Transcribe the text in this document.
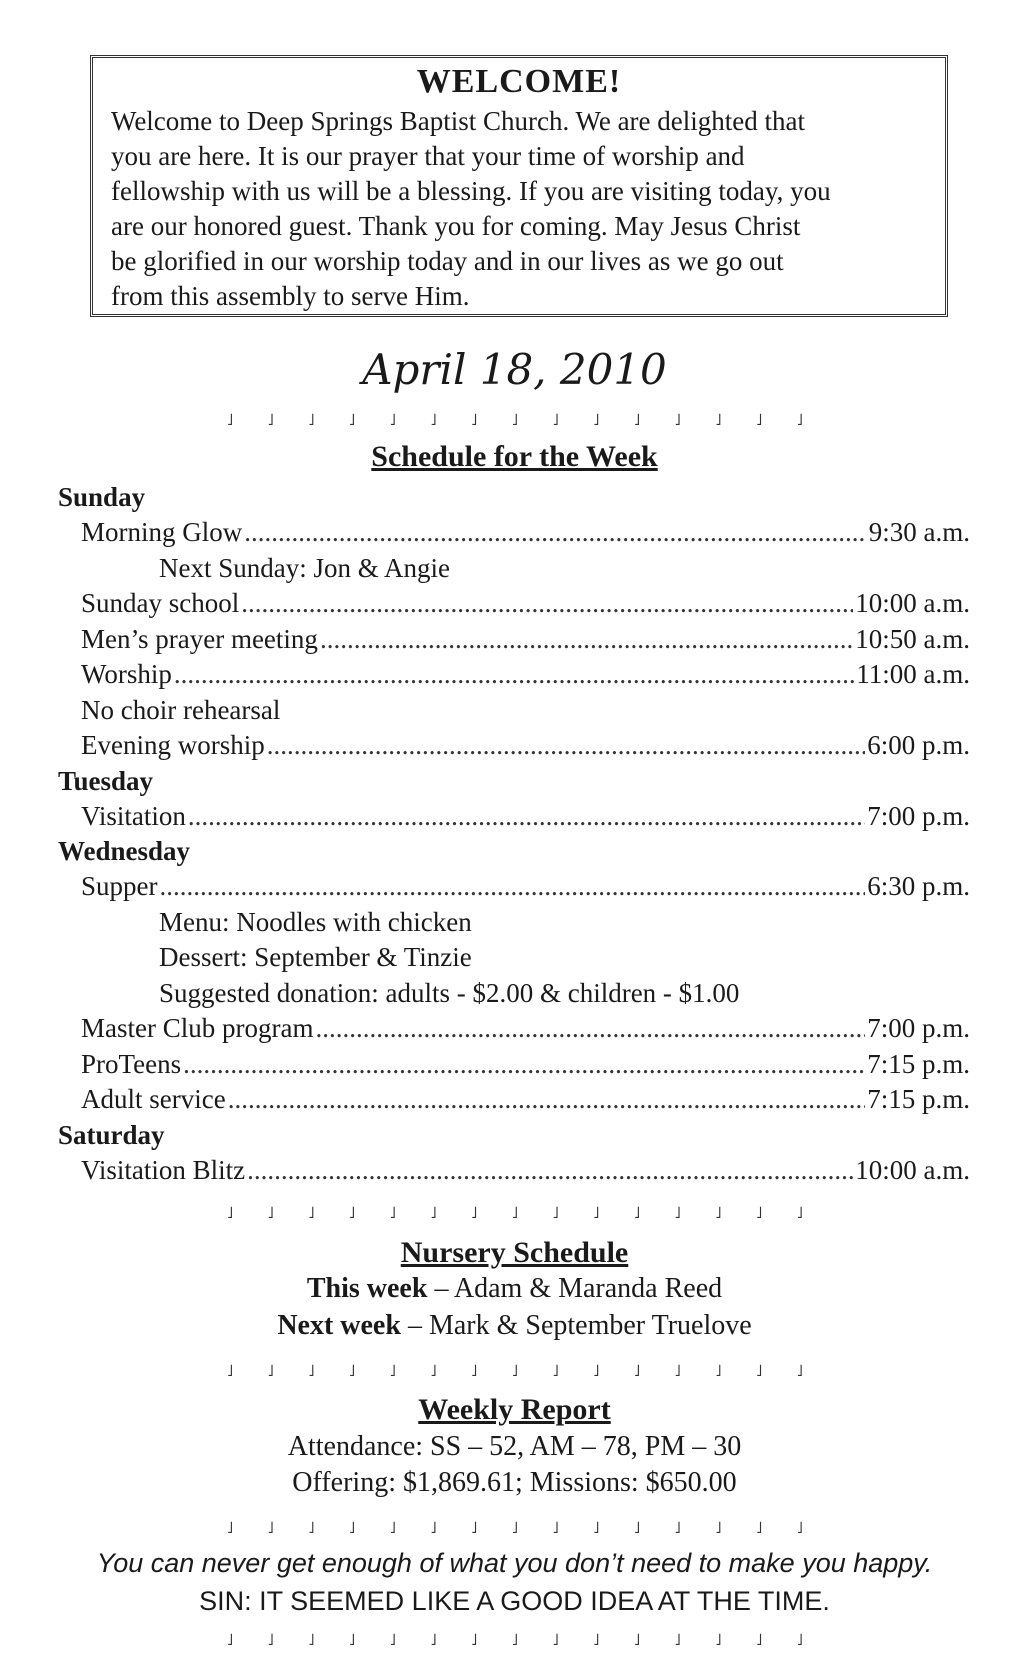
WELCOME!
Welcome to Deep Springs Baptist Church. We are delighted that
you are here. It is our prayer that your time of worship and
fellowship with us will be a blessing. If you are visiting today, you
are our honored guest. Thank you for coming. May Jesus Christ
be glorified in our worship today and in our lives as we go out
from this assembly to serve Him.
April 18, 2010
˩ ˩ ˩ ˩ ˩ ˩ ˩ ˩ ˩ ˩ ˩ ˩ ˩ ˩ ˩
˩ ˩ ˩ ˩ ˩ ˩ ˩ ˩ ˩ ˩ ˩ ˩ ˩ ˩ ˩
˩ ˩ ˩ ˩ ˩ ˩ ˩ ˩ ˩ ˩ ˩ ˩ ˩ ˩ ˩
˩ ˩ ˩ ˩ ˩ ˩ ˩ ˩ ˩ ˩ ˩ ˩ ˩ ˩ ˩
˩ ˩ ˩ ˩ ˩ ˩ ˩ ˩ ˩ ˩ ˩ ˩ ˩ ˩ ˩
Schedule for the Week
Sunday
Morning Glow .....	9:30 a.m.
Next Sunday: Jon & Angie
Sunday school .....	10:00 a.m.
Men’s prayer meeting .....	10:50 a.m.
Worship .....	11:00 a.m.
No choir rehearsal
Evening worship .....	6:00 p.m.
Tuesday
Visitation .....	7:00 p.m.
Wednesday
Supper .....	6:30 p.m.
Menu: Noodles with chicken
Dessert: September & Tinzie
Suggested donation: adults - $2.00 & children - $1.00
Master Club program .....	7:00 p.m.
ProTeens .....	7:15 p.m.
Adult service .....	7:15 p.m.
Saturday
Visitation Blitz .....	10:00 a.m.
Nursery Schedule
This week – Adam & Maranda Reed
Next week – Mark & September Truelove
Weekly Report
Attendance: SS – 52, AM – 78, PM – 30
Offering: $1,869.61; Missions: $650.00
You can never get enough of what you don’t need to make you happy.
SIN: IT SEEMED LIKE A GOOD IDEA AT THE TIME.
